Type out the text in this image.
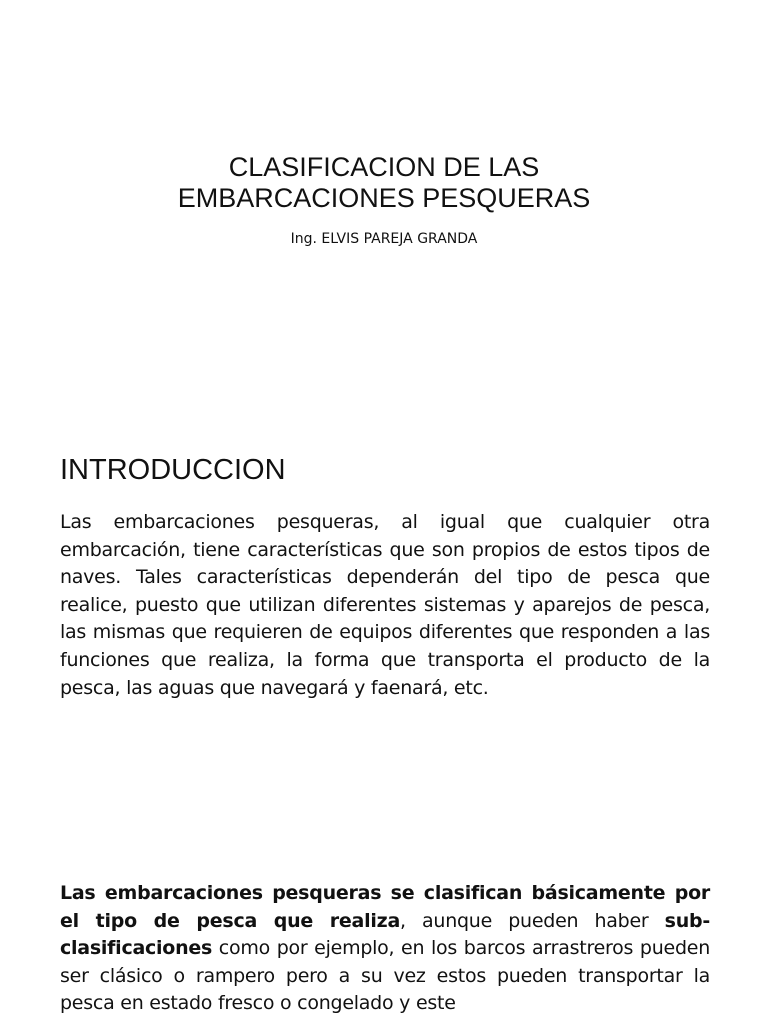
CLASIFICACION DE LAS
EMBARCACIONES PESQUERAS
Ing. ELVIS PAREJA GRANDA
INTRODUCCION

Las embarcaciones pesqueras, al igual que cualquier otra embarcación, tiene características que son propios de estos tipos de naves. Tales características dependerán del tipo de pesca que realice, puesto que utilizan diferentes sistemas y aparejos de pesca, las mismas que requieren de equipos diferentes que responden a las funciones que realiza, la forma que transporta el producto de la pesca, las aguas que navegará y faenará, etc.

Las embarcaciones pesqueras se clasifican básicamente por el tipo de pesca que realiza, aunque pueden haber sub-clasificaciones como por ejemplo, en los barcos arrastreros pueden ser clásico o rampero pero a su vez estos pueden transportar la pesca en estado fresco o congelado y este
